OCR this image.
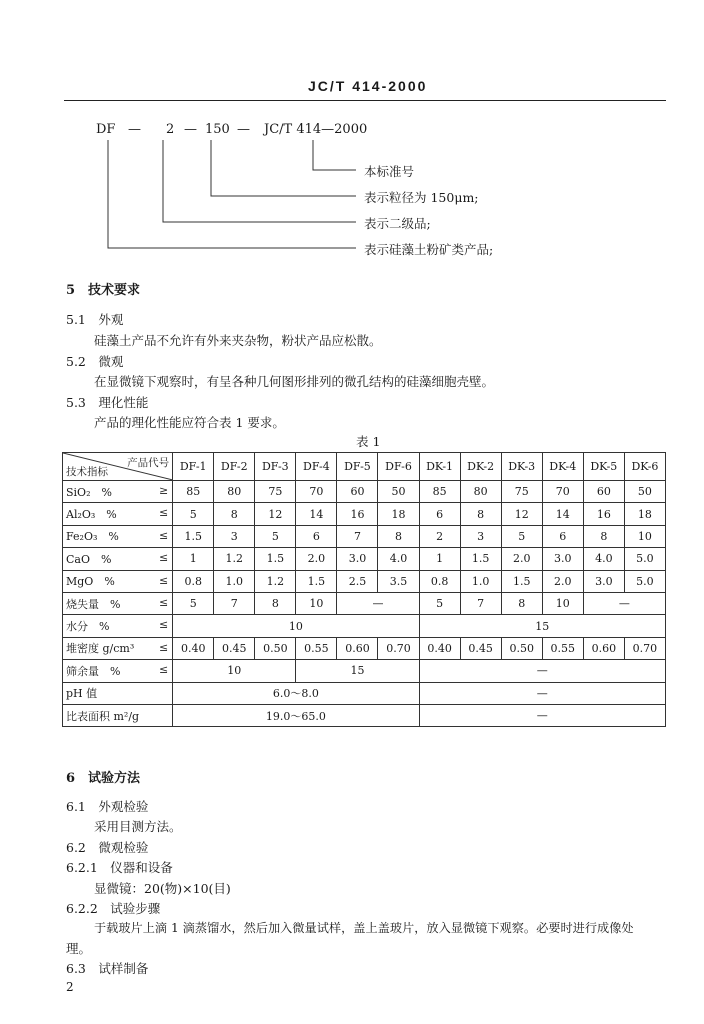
JC/T 414-2000
DF — 2 — 150 — JC/T 414—2000
本标准号
表示粒径为 150μm;
表示二级品;
表示硅藻土粉矿类产品;
5　技术要求
5.1　外观
硅藻土产品不允许有外来夹杂物，粉状产品应松散。
5.2　微观
在显微镜下观察时，有呈各种几何图形排列的微孔结构的硅藻细胞壳壁。
5.3　理化性能
产品的理化性能应符合表 1 要求。
表 1
产品代号
技术指标	DF-1	DF-2	DF-3	DF-4	DF-5	DF-6	DK-1	DK-2	DK-3	DK-4	DK-5	DK-6
SiO₂　% ≥	85	80	75	70	60	50	85	80	75	70	60	50
Al₂O₃　% ≤	5	8	12	14	16	18	6	8	12	14	16	18
Fe₂O₃　% ≤	1.5	3	5	6	7	8	2	3	5	6	8	10
CaO　% ≤	1	1.2	1.5	2.0	3.0	4.0	1	1.5	2.0	3.0	4.0	5.0
MgO　% ≤	0.8	1.0	1.2	1.5	2.5	3.5	0.8	1.0	1.5	2.0	3.0	5.0
烧失量　% ≤	5	7	8	10	—		5	7	8	10	—	
水分　% ≤	10						15					
堆密度 g/cm³ ≤	0.40	0.45	0.50	0.55	0.60	0.70	0.40	0.45	0.50	0.55	0.60	0.70
筛余量　% ≤	10			15			—					
pH 值	6.0～8.0						—					
比表面积 m²/g	19.0～65.0						—					
6　试验方法
6.1　外观检验
采用目测方法。
6.2　微观检验
6.2.1　仪器和设备
显微镜：20(物)×10(目)
6.2.2　试验步骤
于载玻片上滴 1 滴蒸馏水，然后加入微量试样，盖上盖玻片，放入显微镜下观察。必要时进行成像处
理。
6.3　试样制备
2
